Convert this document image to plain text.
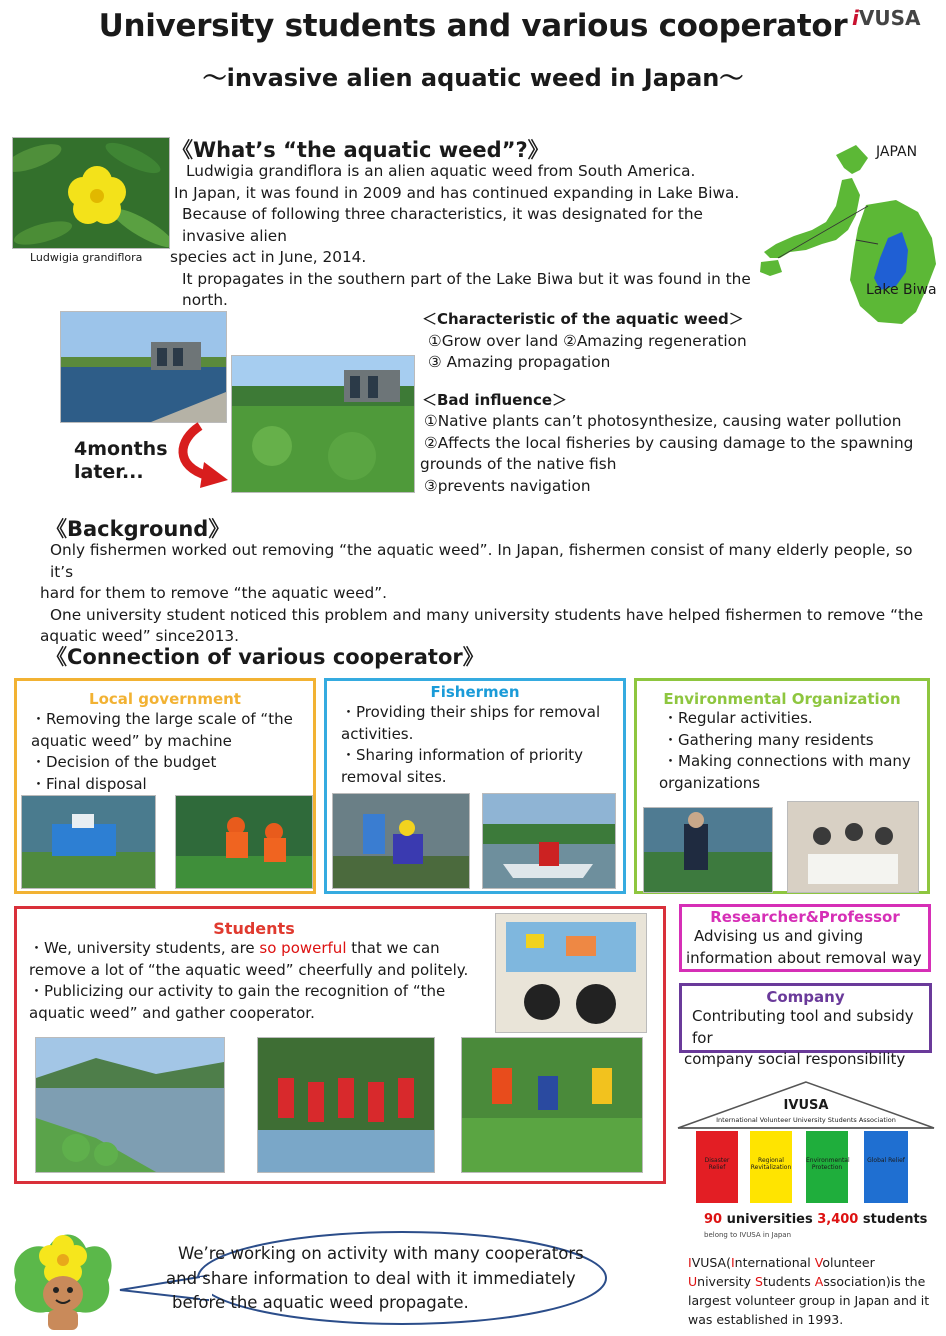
University students and various cooperator
〜invasive alien aquatic weed in Japan〜
iVUSA
Ludwigia grandiflora
《What’s “the aquatic weed”?》
Ludwigia grandiflora is an alien aquatic weed from South America.
In Japan, it was found in 2009 and has continued expanding in Lake Biwa.
Because of following three characteristics, it was designated for the invasive alien
species act in June, 2014.
It propagates in the southern part of the Lake Biwa but it was found in the north.
JAPAN
Lake Biwa
4months
later...
＜Characteristic of the aquatic weed＞
①Grow over land ②Amazing regeneration
③ Amazing propagation
＜Bad influence＞
①Native plants can’t photosynthesize, causing water pollution
②Affects the local fisheries by causing damage to the spawning
grounds of the native fish
③prevents navigation
《Background》
Only fishermen worked out removing “the aquatic weed”. In Japan, fishermen consist of many elderly people, so it’s
hard for them to remove “the aquatic weed”.
One university student noticed this problem and many university students have helped fishermen to remove “the
aquatic weed” since2013.
《Connection of various cooperator》
Local government
・Removing the large scale of “the
aquatic weed” by machine
・Decision of the budget
・Final disposal
Fishermen
・Providing their ships for removal
activities.
・Sharing information of priority
removal sites.
Environmental Organization
・Regular activities.
・Gathering many residents
・Making connections with many
organizations
Students
・We, university students, are so powerful that we can
remove a lot of “the aquatic weed” cheerfully and politely.
・Publicizing our activity to gain the recognition of “the
aquatic weed” and gather cooperator.
Researcher&Professor
Advising us and giving
information about removal way
Company
Contributing tool and subsidy for
company social responsibility
IVUSA
International Volunteer University Students Association
Disaster Relief
Regional Revitalization
Environmental Protection
Global Relief
90 universities 3,400 students
belong to IVUSA in Japan
IVUSA(International Volunteer
University Students Association)is the
largest volunteer group in Japan and it
was established in 1993.
We’re working on activity with many cooperators
and share information to deal with it immediately
before the aquatic weed propagate.
